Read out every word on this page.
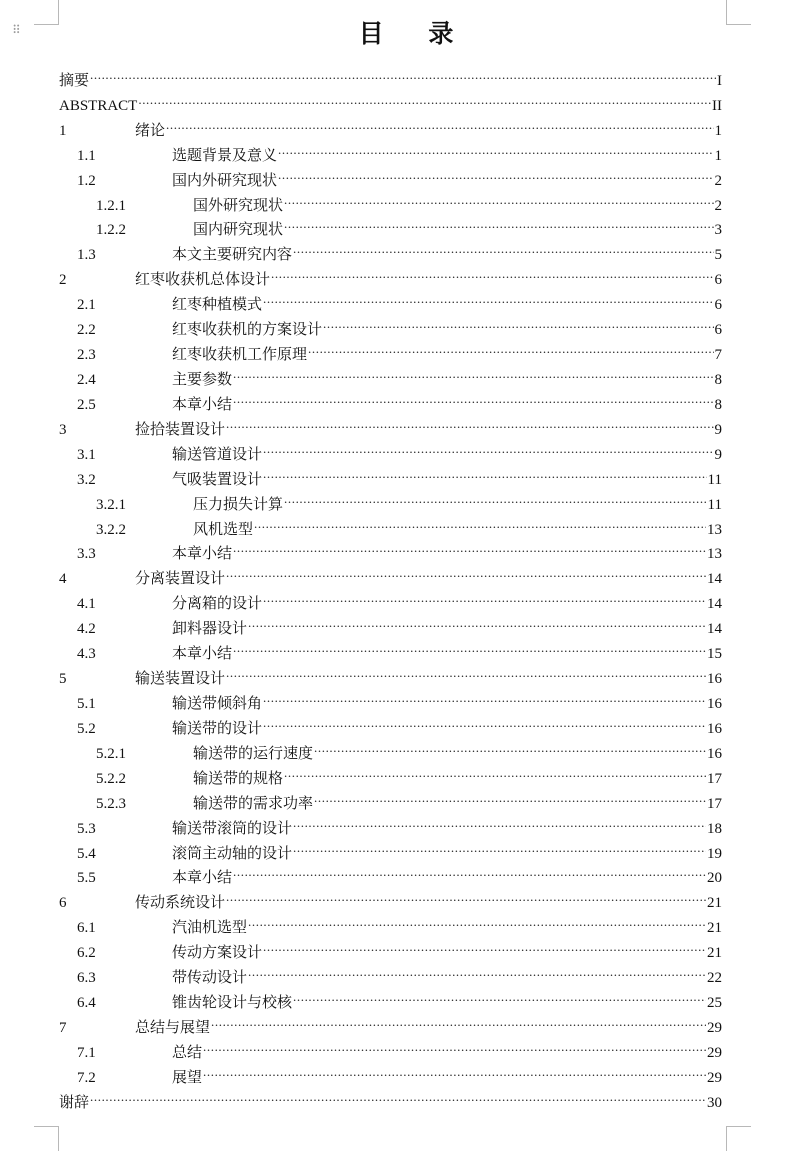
⠿	目 录
摘要 .....	I
ABSTRACT .....	II
1	绪论 .....	1
1.1	选题背景及意义 .....	1
1.2	国内外研究现状 .....	2
1.2.1	国外研究现状 .....	2
1.2.2	国内研究现状 .....	3
1.3	本文主要研究内容 .....	5
2	红枣收获机总体设计 .....	6
2.1	红枣种植模式 .....	6
2.2	红枣收获机的方案设计 .....	6
2.3	红枣收获机工作原理 .....	7
2.4	主要参数 .....	8
2.5	本章小结 .....	8
3	捡拾装置设计 .....	9
3.1	输送管道设计 .....	9
3.2	气吸装置设计 .....	11
3.2.1	压力损失计算 .....	11
3.2.2	风机选型 .....	13
3.3	本章小结 .....	13
4	分离装置设计 .....	14
4.1	分离箱的设计 .....	14
4.2	卸料器设计 .....	14
4.3	本章小结 .....	15
5	输送装置设计 .....	16
5.1	输送带倾斜角 .....	16
5.2	输送带的设计 .....	16
5.2.1	输送带的运行速度 .....	16
5.2.2	输送带的规格 .....	17
5.2.3	输送带的需求功率 .....	17
5.3	输送带滚筒的设计 .....	18
5.4	滚筒主动轴的设计 .....	19
5.5	本章小结 .....	20
6	传动系统设计 .....	21
6.1	汽油机选型 .....	21
6.2	传动方案设计 .....	21
6.3	带传动设计 .....	22
6.4	锥齿轮设计与校核 .....	25
7	总结与展望 .....	29
7.1	总结 .....	29
7.2	展望 .....	29
谢辞 .....	30
